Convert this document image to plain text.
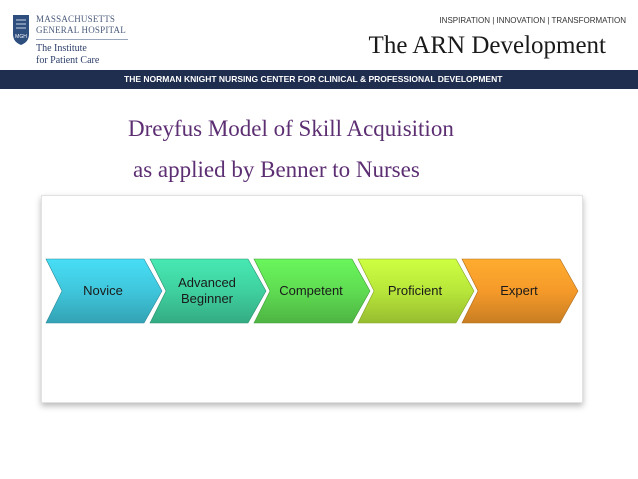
MGH
MASSACHUSETTS
GENERAL HOSPITAL
The Institute
for Patient Care
INSPIRATION | INNOVATION | TRANSFORMATION
The ARN Development
THE NORMAN KNIGHT NURSING CENTER FOR CLINICAL & PROFESSIONAL DEVELOPMENT
Dreyfus Model of Skill Acquisition
as applied by Benner to Nurses
Novice
Advanced
Beginner
Competent	Proficient	Expert
